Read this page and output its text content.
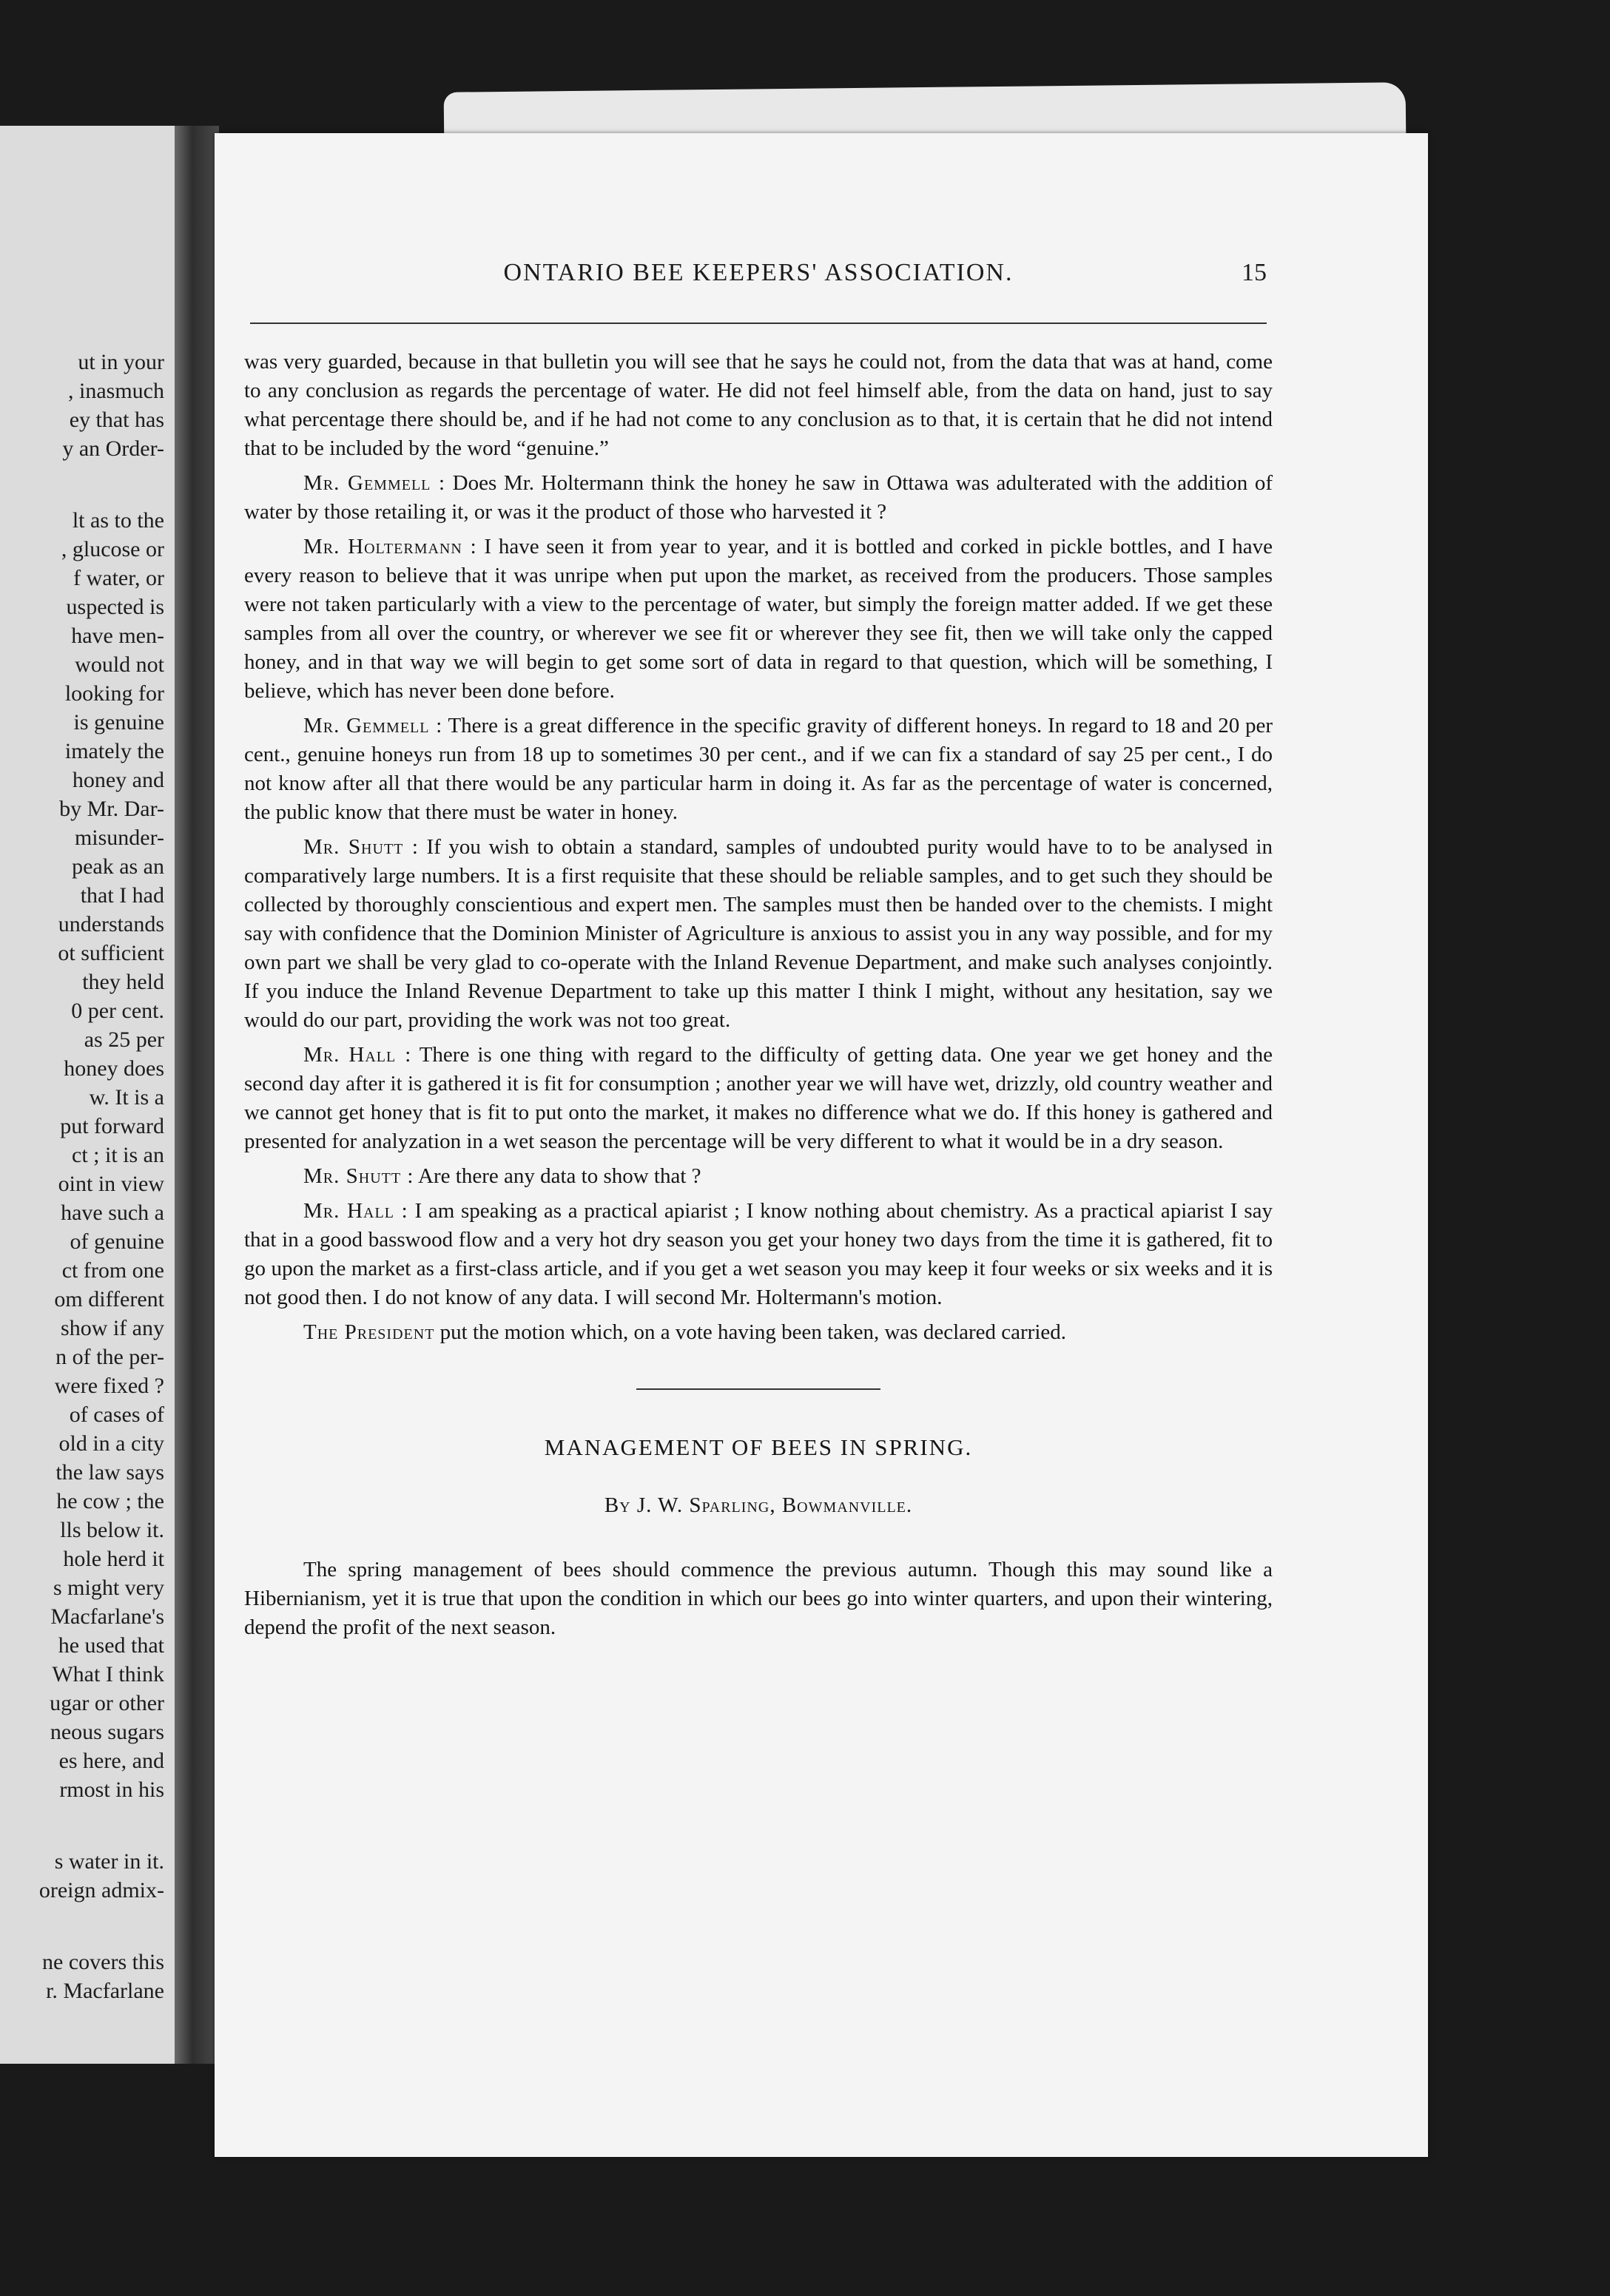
ut in your
, inasmuch
ey that has
y an Order-
lt as to the
, glucose or
f water, or
uspected is
have men-
would not
looking for
is genuine
imately the
honey and
by Mr. Dar-
misunder-
peak as an
that I had
understands
ot sufficient
they held
0 per cent.
as 25 per
honey does
w. It is a
put forward
ct ; it is an
oint in view
have such a
of genuine
ct from one
om different
show if any
n of the per-
were fixed ?
of cases of
old in a city
the law says
he cow ; the
lls below it.
hole herd it
s might very
Macfarlane's
he used that
What I think
ugar or other
neous sugars
es here, and
rmost in his
s water in it.
oreign admix-
ne covers this
r. Macfarlane
ONTARIO BEE KEEPERS' ASSOCIATION.	15

was very guarded, because in that bulletin you will see that he says he could not, from the data that was at hand, come to any conclusion as regards the percentage of water. He did not feel himself able, from the data on hand, just to say what percentage there should be, and if he had not come to any conclusion as to that, it is certain that he did not intend that to be included by the word “genuine.”

Mr. Gemmell : Does Mr. Holtermann think the honey he saw in Ottawa was adulterated with the addition of water by those retailing it, or was it the product of those who harvested it ?

Mr. Holtermann : I have seen it from year to year, and it is bottled and corked in pickle bottles, and I have every reason to believe that it was unripe when put upon the market, as received from the producers. Those samples were not taken particularly with a view to the percentage of water, but simply the foreign matter added. If we get these samples from all over the country, or wherever we see fit or wherever they see fit, then we will take only the capped honey, and in that way we will begin to get some sort of data in regard to that question, which will be something, I believe, which has never been done before.

Mr. Gemmell : There is a great difference in the specific gravity of different honeys. In regard to 18 and 20 per cent., genuine honeys run from 18 up to sometimes 30 per cent., and if we can fix a standard of say 25 per cent., I do not know after all that there would be any particular harm in doing it. As far as the percentage of water is concerned, the public know that there must be water in honey.

Mr. Shutt : If you wish to obtain a standard, samples of undoubted purity would have to to be analysed in comparatively large numbers. It is a first requisite that these should be reliable samples, and to get such they should be collected by thoroughly conscientious and expert men. The samples must then be handed over to the chemists. I might say with confidence that the Dominion Minister of Agriculture is anxious to assist you in any way possible, and for my own part we shall be very glad to co-operate with the Inland Revenue Department, and make such analyses conjointly. If you induce the Inland Revenue Department to take up this matter I think I might, without any hesitation, say we would do our part, providing the work was not too great.

Mr. Hall : There is one thing with regard to the difficulty of getting data. One year we get honey and the second day after it is gathered it is fit for consumption ; another year we will have wet, drizzly, old country weather and we cannot get honey that is fit to put onto the market, it makes no difference what we do. If this honey is gathered and presented for analyzation in a wet season the percentage will be very different to what it would be in a dry season.

Mr. Shutt : Are there any data to show that ?

Mr. Hall : I am speaking as a practical apiarist ; I know nothing about chemistry. As a practical apiarist I say that in a good basswood flow and a very hot dry season you get your honey two days from the time it is gathered, fit to go upon the market as a first-class article, and if you get a wet season you may keep it four weeks or six weeks and it is not good then. I do not know of any data. I will second Mr. Holtermann's motion.

The President put the motion which, on a vote having been taken, was declared carried.

MANAGEMENT OF BEES IN SPRING.
By J. W. Sparling, Bowmanville.

The spring management of bees should commence the previous autumn. Though this may sound like a Hibernianism, yet it is true that upon the condition in which our bees go into winter quarters, and upon their wintering, depend the profit of the next season.
